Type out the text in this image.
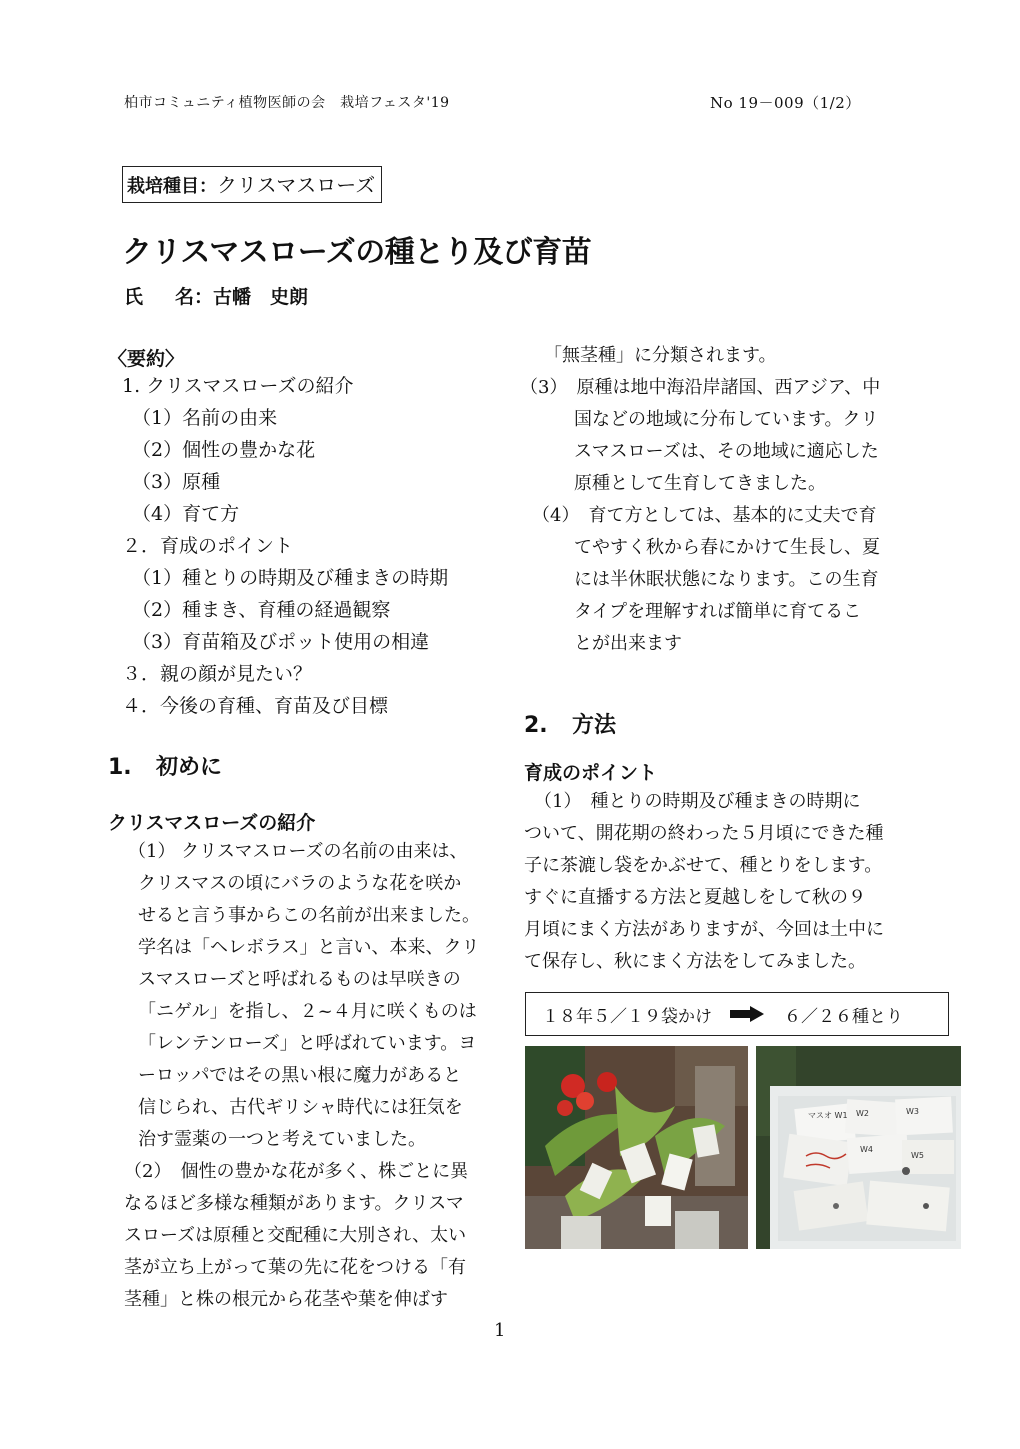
柏市コミュニティ植物医師の会　栽培フェスタ'19	No 19－009（1/2）
栽培種目：クリスマスローズ
クリスマスローズの種とり及び育苗
氏 名：古幡　史朗
〈要約〉
1. クリスマスローズの紹介
（1）名前の由来
（2）個性の豊かな花
（3）原種
（4）育て方
２．育成のポイント
（1）種とりの時期及び種まきの時期
（2）種まき、育種の経過観察
（3）育苗箱及びポット使用の相違
３．親の顔が見たい？
４．今後の育種、育苗及び目標
1. 初めに
クリスマスローズの紹介
（1） クリスマスローズの名前の由来は、
クリスマスの頃にバラのような花を咲か
せると言う事からこの名前が出来ました。
学名は「ヘレボラス」と言い、本来、クリ
スマスローズと呼ばれるものは早咲きの
「ニゲル」を指し、２~４月に咲くものは
「レンテンローズ」と呼ばれています。ヨ
ーロッパではその黒い根に魔力があると
信じられ、古代ギリシャ時代には狂気を
治す霊薬の一つと考えていました。
（2）　個性の豊かな花が多く、株ごとに異
なるほど多様な種類があります。クリスマ
スローズは原種と交配種に大別され、太い
茎が立ち上がって葉の先に花をつける「有
茎種」と株の根元から花茎や葉を伸ばす
「無茎種」に分類されます。
（3）　原種は地中海沿岸諸国、西アジア、中
国などの地域に分布しています。クリ
スマスローズは、その地域に適応した
原種として生育してきました。
（4）　育て方としては、基本的に丈夫で育
てやすく秋から春にかけて生長し、夏
には半休眠状態になります。この生育
タイプを理解すれば簡単に育てるこ
とが出来ます
2. 方法
育成のポイント
（1）　種とりの時期及び種まきの時期に
ついて、開花期の終わった５月頃にできた種
子に茶漉し袋をかぶせて、種とりをします。
すぐに直播する方法と夏越しをして秋の９
月頃にまく方法がありますが、今回は土中に
て保存し、秋にまく方法をしてみました。
１８年５／１９袋かけ	６／２６種とり
マスオ W1 W2	W3
W4
W5
1
